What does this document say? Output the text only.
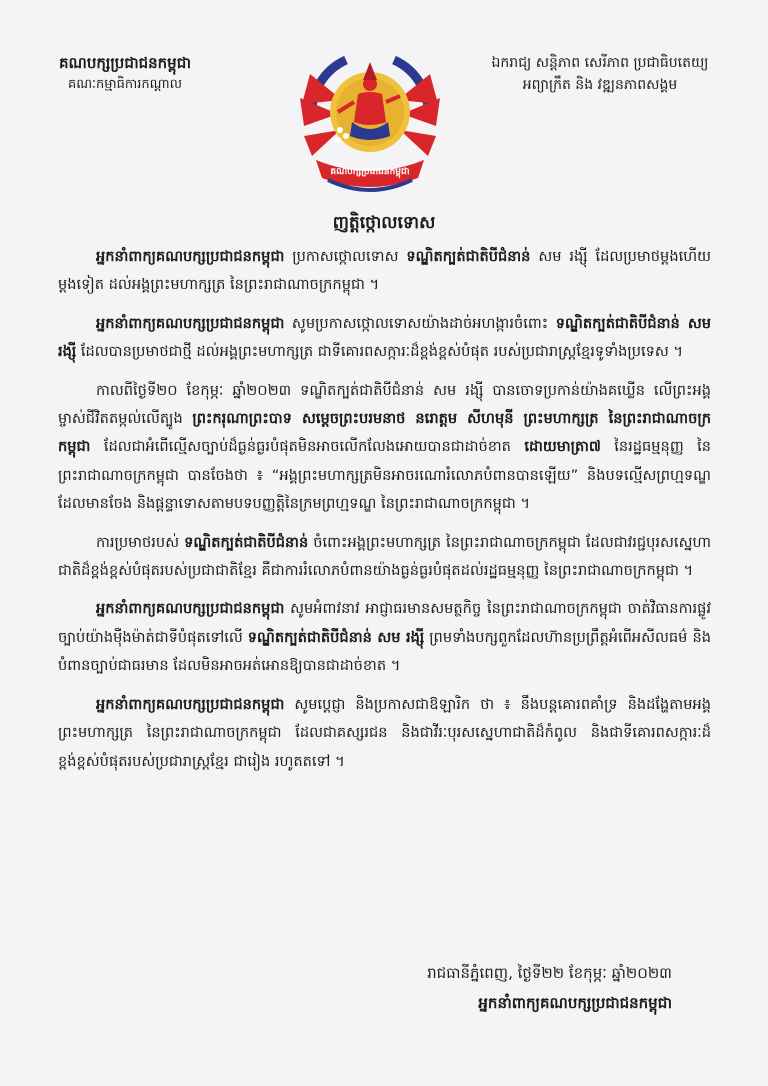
គណបក្សប្រជាជនកម្ពុជា
គណៈកម្មាធិការកណ្ដាល
គណបក្សប្រជាជនកម្ពុជា
ឯករាជ្យ សន្តិភាព សេរីភាព ប្រជាធិបតេយ្យ
អព្យាក្រឹត និង វឌ្ឍនភាពសង្គម
ញត្តិថ្កោលទោស

អ្នកនាំពាក្យគណបក្សប្រជាជនកម្ពុជា ប្រកាសថ្កោលទោស ទណ្ឌិតក្បត់ជាតិបីជំនាន់ សម រង្ស៊ី ដែលប្រមាថម្តងហើយម្តងទៀត ដល់អង្គព្រះមហាក្សត្រ នៃព្រះរាជាណាចក្រកម្ពុជា ។

អ្នកនាំពាក្យគណបក្សប្រជាជនកម្ពុជា សូមប្រកាសថ្កោលទោសយ៉ាងដាច់អហង្ការចំពោះ ទណ្ឌិតក្បត់ជាតិបីជំនាន់ សម រង្ស៊ី ដែលបានប្រមាថជាថ្មី ដល់អង្គព្រះមហាក្សត្រ ជាទីគោរពសក្ការៈដ៏ខ្ពង់ខ្ពស់បំផុត របស់ប្រជារាស្ត្រខ្មែរទូទាំងប្រទេស ។

កាលពីថ្ងៃទី២០ ខែកុម្ភៈ ឆ្នាំ២០២៣ ទណ្ឌិតក្បត់ជាតិបីជំនាន់ សម រង្ស៊ី បានចោទប្រកាន់យ៉ាងគឃ្លើន លើព្រះអង្គម្ចាស់ជីវិតតម្កល់លើត្បូង ព្រះករុណាព្រះបាទ សម្តេចព្រះបរមនាថ នរោត្តម សីហមុនី ព្រះមហាក្សត្រ នៃព្រះរាជាណាចក្រកម្ពុជា ដែលជាអំពើល្មើសច្បាប់ដ៏ធ្ងន់ធ្ងរបំផុតមិនអាចលើកលែងអោយបានជាដាច់ខាត ដោយមាត្រា៧ នៃរដ្ឋធម្មនុញ្ញ នៃព្រះរាជាណាចក្រកម្ពុជា បានចែងថា ៖ “អង្គព្រះមហាក្សត្រមិនអាចរណោរំលោភបំពានបានឡើយ” និងបទល្មើសព្រហ្មទណ្ឌ ដែលមានចែង និងផ្តន្ទាទោសតាមបទបញ្ញត្តិនៃក្រមព្រហ្មទណ្ឌ នៃព្រះរាជាណាចក្រកម្ពុជា ។

ការប្រមាថរបស់ ទណ្ឌិតក្បត់ជាតិបីជំនាន់ ចំពោះអង្គព្រះមហាក្សត្រ នៃព្រះរាជាណាចក្រកម្ពុជា ដែលជាវរជ្ជបុរសស្នេហាជាតិដ៏ខ្ពង់ខ្ពស់បំផុតរបស់ប្រជាជាតិខ្មែរ គឺជាការរំលោភបំពានយ៉ាងធ្ងន់ធ្ងរបំផុតដល់រដ្ឋធម្មនុញ្ញ នៃព្រះរាជាណាចក្រកម្ពុជា ។

អ្នកនាំពាក្យគណបក្សប្រជាជនកម្ពុជា សូមអំពាវនាវ អាជ្ញាធរមានសមត្ថកិច្ច នៃព្រះរាជាណាចក្រកម្ពុជា ចាត់វិធានការផ្លូវច្បាប់យ៉ាងម៉ឺងម៉ាត់ជាទីបំផុតទៅលើ ទណ្ឌិតក្បត់ជាតិបីជំនាន់ សម រង្ស៊ី ព្រមទាំងបក្សពួកដែលហ៊ានប្រព្រឹត្តអំពើអសីលធម៌ និងបំពានច្បាប់ជាធរមាន ដែលមិនអាចអត់អោនឱ្យបានជាដាច់ខាត ។

អ្នកនាំពាក្យគណបក្សប្រជាជនកម្ពុជា សូមប្តេជ្ញា និងប្រកាសជាឱឡារិក ថា ៖ នឹងបន្តគោរពគាំទ្រ និងដង្ហែតាមអង្គព្រះមហាក្សត្រ នៃព្រះរាជាណាចក្រកម្ពុជា ដែលជាគស្សរជន និងជាវីរៈបុរសស្នេហាជាតិដ៏កំពូល និងជាទីគោរពសក្ការៈដ៏ខ្ពង់ខ្ពស់បំផុតរបស់ប្រជារាស្ត្រខ្មែរ ជារៀង រហូតតទៅ ។

រាជធានីភ្នំពេញ, ថ្ងៃទី២២ ខែកុម្ភៈ ឆ្នាំ២០២៣
អ្នកនាំពាក្យគណបក្សប្រជាជនកម្ពុជា
